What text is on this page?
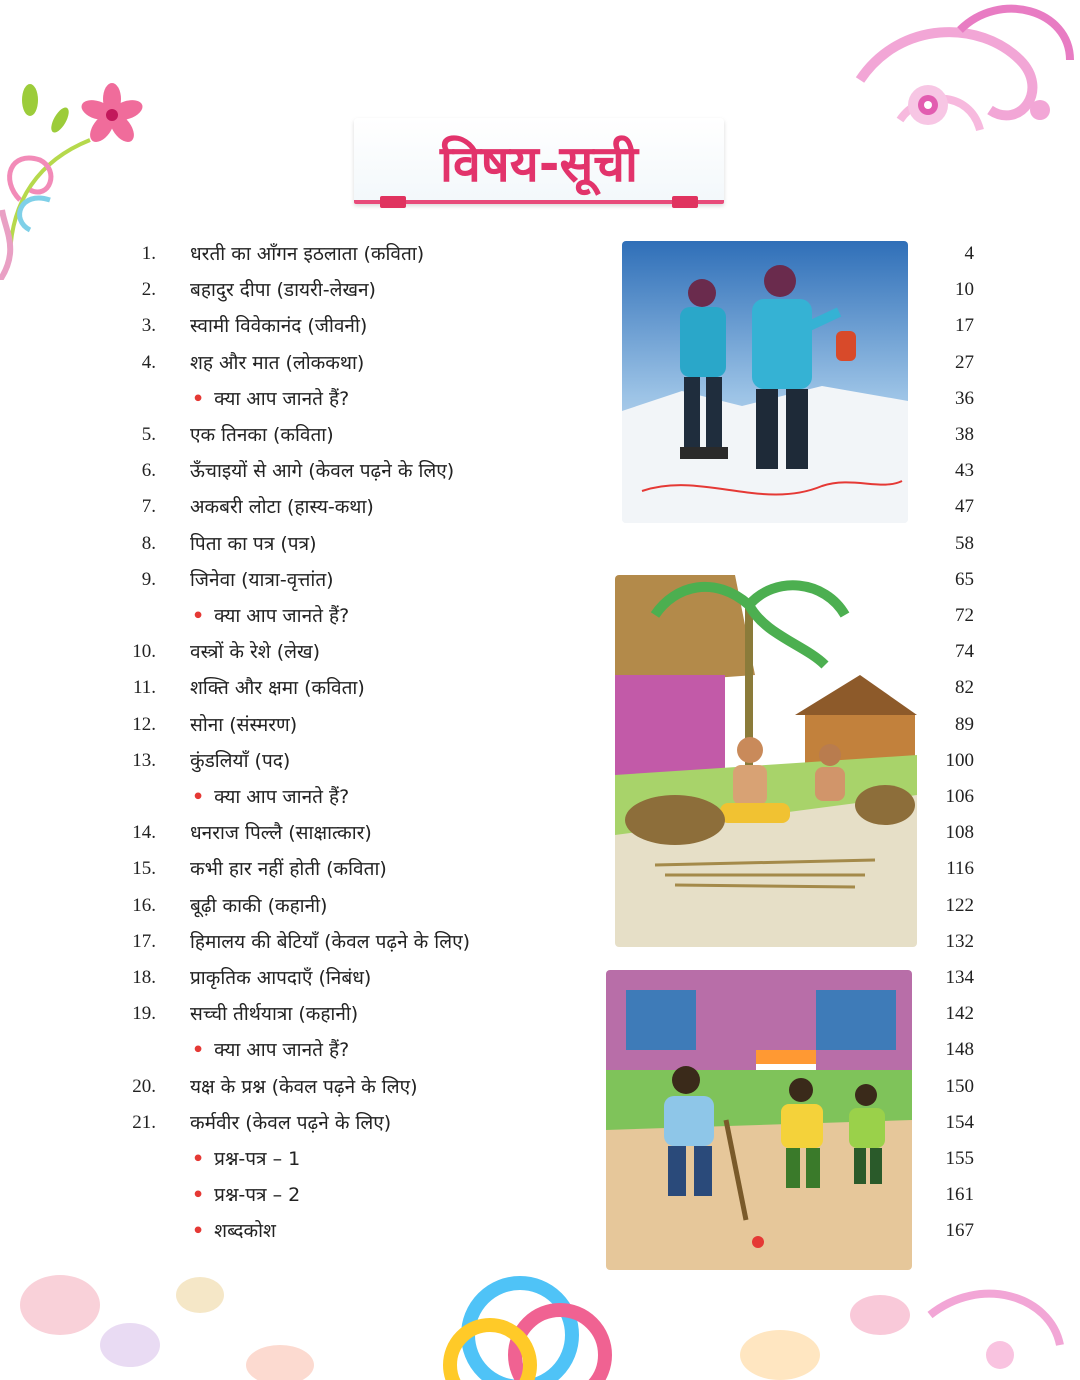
विषय-सूची
1. धरती का आँगन इठलाता (कविता)	4
2. बहादुर दीपा (डायरी-लेखन)	10
3. स्वामी विवेकानंद (जीवनी)	17
4. शह और मात (लोककथा)	27
• क्या आप जानते हैं?	36
5. एक तिनका (कविता)	38
6. ऊँचाइयों से आगे (केवल पढ़ने के लिए)	43
7. अकबरी लोटा (हास्य-कथा)	47
8. पिता का पत्र (पत्र)	58
9. जिनेवा (यात्रा-वृत्तांत)	65
• क्या आप जानते हैं?	72
10. वस्त्रों के रेशे (लेख)	74
11. शक्ति और क्षमा (कविता)	82
12. सोना (संस्मरण)	89
13. कुंडलियाँ (पद)	100
• क्या आप जानते हैं?	106
14. धनराज पिल्लै (साक्षात्कार)	108
15. कभी हार नहीं होती (कविता)	116
16. बूढ़ी काकी (कहानी)	122
17. हिमालय की बेटियाँ (केवल पढ़ने के लिए)	132
18. प्राकृतिक आपदाएँ (निबंध)	134
19. सच्ची तीर्थयात्रा (कहानी)	142
• क्या आप जानते हैं?	148
20. यक्ष के प्रश्न (केवल पढ़ने के लिए)	150
21. कर्मवीर (केवल पढ़ने के लिए)	154
• प्रश्न-पत्र – 1	155
• प्रश्न-पत्र – 2	161
• शब्दकोश	167
